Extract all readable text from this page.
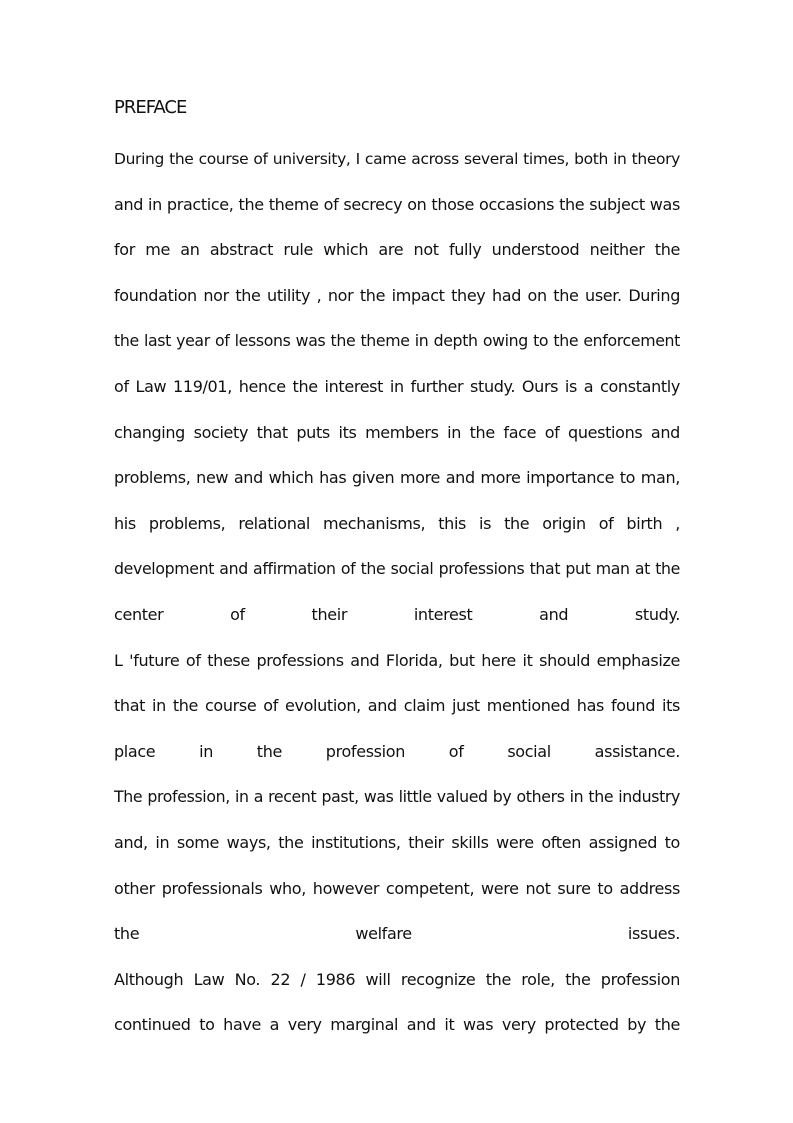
PREFACE
During the course of university, I came across several times, both in theory
and in practice, the theme of secrecy on those occasions the subject was
for me an abstract rule which are not fully understood neither the
foundation nor the utility , nor the impact they had on the user. During
the last year of lessons was the theme in depth owing to the enforcement
of Law 119/01, hence the interest in further study. Ours is a constantly
changing society that puts its members in the face of questions and
problems, new and which has given more and more importance to man,
his problems, relational mechanisms, this is the origin of birth ,
development and affirmation of the social professions that put man at the
center of their interest and study.
L 'future of these professions and Florida, but here it should emphasize
that in the course of evolution, and claim just mentioned has found its
place in the profession of social assistance.
The profession, in a recent past, was little valued by others in the industry
and, in some ways, the institutions, their skills were often assigned to
other professionals who, however competent, were not sure to address
the welfare issues.
Although Law No. 22 / 1986 will recognize the role, the profession
continued to have a very marginal and it was very protected by the
